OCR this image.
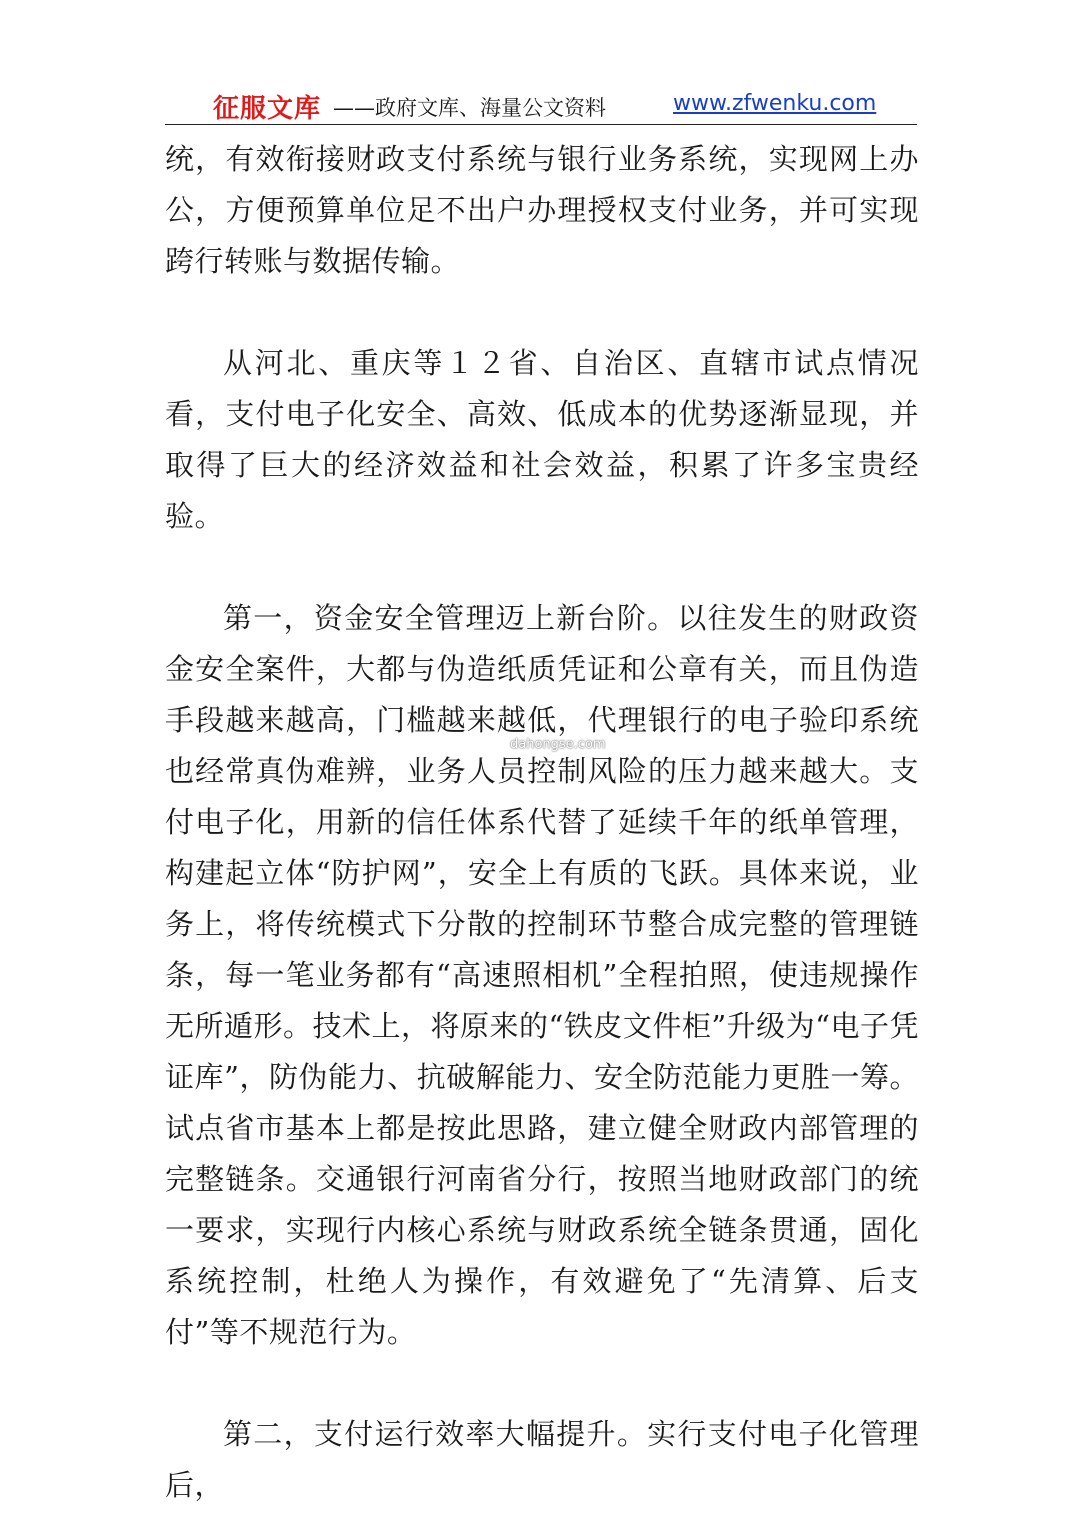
征服文库 ——政府文库、海量公文资料	www.zfwenku.com

统，有效衔接财政支付系统与银行业务系统，实现网上办公，方便预算单位足不出户办理授权支付业务，并可实现跨行转账与数据传输。

从河北、重庆等１２省、自治区、直辖市试点情况看，支付电子化安全、高效、低成本的优势逐渐显现，并取得了巨大的经济效益和社会效益，积累了许多宝贵经验。

第一，资金安全管理迈上新台阶。以往发生的财政资金安全案件，大都与伪造纸质凭证和公章有关，而且伪造手段越来越高，门槛越来越低，代理银行的电子验印系统也经常真伪难辨，业务人员控制风险的压力越来越大。支付电子化，用新的信任体系代替了延续千年的纸单管理，构建起立体“防护网”，安全上有质的飞跃。具体来说，业务上，将传统模式下分散的控制环节整合成完整的管理链条，每一笔业务都有“高速照相机”全程拍照，使违规操作无所遁形。技术上，将原来的“铁皮文件柜”升级为“电子凭证库”，防伪能力、抗破解能力、安全防范能力更胜一筹。试点省市基本上都是按此思路，建立健全财政内部管理的完整链条。交通银行河南省分行，按照当地财政部门的统一要求，实现行内核心系统与财政系统全链条贯通，固化系统控制，杜绝人为操作，有效避免了“先清算、后支付”等不规范行为。

第二，支付运行效率大幅提升。实行支付电子化管理后，

dahongse.com
